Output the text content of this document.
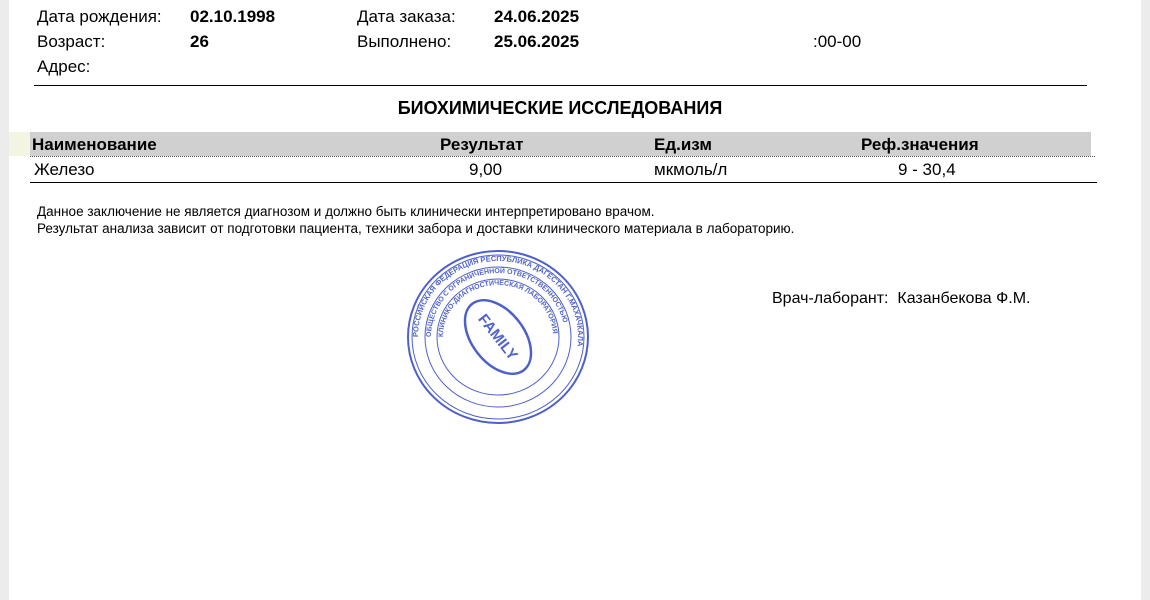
Дата рождения: 02.10.1998
Возраст:	26
Адрес:
Дата заказа: 24.06.2025
Выполнено:	25.06.2025	:00-00
БИОХИМИЧЕСКИЕ ИССЛЕДОВАНИЯ
Наименование	Результат	Ед.изм	Реф.значения
Железо	9,00	мкмоль/л	9 - 30,4
Данное заключение не является диагнозом и должно быть клинически интерпретировано врачом.
Результат анализа зависит от подготовки пациента, техники забора и доставки клинического материала в лабораторию.
Врач-лаборант: Казанбекова Ф.М.
РОССИЙСКАЯ ФЕДЕРАЦИЯ РЕСПУБЛИКА ДАГЕСТАН Г.МАХАЧКАЛА
ОБЩЕСТВО С ОГРАНИЧЕННОЙ ОТВЕТСТВЕННОСТЬЮ
КЛИНИКО-ДИАГНОСТИЧЕСКАЯ ЛАБОРАТОРИЯ
FAMILY
